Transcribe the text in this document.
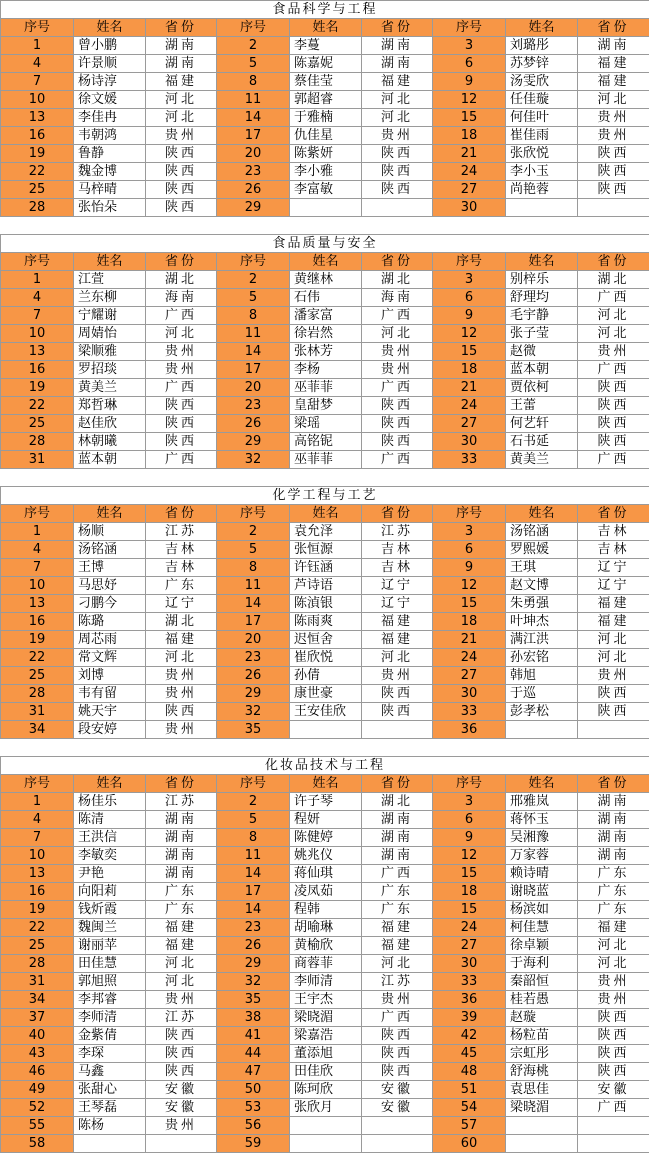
食品科学与工程								
序号	姓名	省份	序号	姓名	省份	序号	姓名	省份
1	曾小鹏	湖南	2	李蔓	湖南	3	刘璐彤	湖南
4	许景顺	湖南	5	陈嘉妮	湖南	6	苏梦锌	福建
7	杨诗淳	福建	8	蔡佳莹	福建	9	汤雯欣	福建
10	徐文媛	河北	11	郭超睿	河北	12	任佳璇	河北
13	李佳冉	河北	14	于雅楠	河北	15	何佳叶	贵州
16	韦朝鸿	贵州	17	仇佳星	贵州	18	崔佳雨	贵州
19	鲁静	陕西	20	陈紫妍	陕西	21	张欣悦	陕西
22	魏金博	陕西	23	李小雅	陕西	24	李小玉	陕西
25	马梓晴	陕西	26	李富敏	陕西	27	尚艳蓉	陕西
28	张怡朵	陕西	29			30		

食品质量与安全								
序号	姓名	省份	序号	姓名	省份	序号	姓名	省份
1	江萱	湖北	2	黄继林	湖北	3	别梓乐	湖北
4	兰东柳	海南	5	石伟	海南	6	舒理均	广西
7	宁耀谢	广西	8	潘家富	广西	9	毛宇静	河北
10	周婧怡	河北	11	徐岩然	河北	12	张子莹	河北
13	梁顺雅	贵州	14	张林芳	贵州	15	赵微	贵州
16	罗招琰	贵州	17	李杨	贵州	18	蓝本朝	广西
19	黄美兰	广西	20	巫菲菲	广西	21	贾依柯	陕西
22	郑哲琳	陕西	23	皇甜梦	陕西	24	王蕾	陕西
25	赵佳欣	陕西	26	梁瑶	陕西	27	何艺轩	陕西
28	林朝曦	陕西	29	高铭铌	陕西	30	石书延	陕西
31	蓝本朝	广西	32	巫菲菲	广西	33	黄美兰	广西

化学工程与工艺								
序号	姓名	省份	序号	姓名	省份	序号	姓名	省份
1	杨顺	江苏	2	袁允泽	江苏	3	汤铭涵	吉林
4	汤铭涵	吉林	5	张恒源	吉林	6	罗熙媛	吉林
7	王博	吉林	8	许钰涵	吉林	9	王琪	辽宁
10	马思妤	广东	11	芦诗语	辽宁	12	赵文博	辽宁
13	刁鹏今	辽宁	14	陈湞银	辽宁	15	朱勇强	福建
16	陈璐	湖北	17	陈雨爽	福建	18	叶坤杰	福建
19	周芯雨	福建	20	迟恒舍	福建	21	满江洪	河北
22	常文辉	河北	23	崔欣悦	河北	24	孙宏铭	河北
25	刘博	贵州	26	孙倩	贵州	27	韩旭	贵州
28	韦有留	贵州	29	康世豪	陕西	30	于巡	陕西
31	姚天宇	陕西	32	王安佳欣	陕西	33	彭孝松	陕西
34	段安婷	贵州	35			36		

化妆品技术与工程								
序号	姓名	省份	序号	姓名	省份	序号	姓名	省份
1	杨佳乐	江苏	2	许子琴	湖北	3	邢雅岚	湖南
4	陈清	湖南	5	程妍	湖南	6	蒋怀玉	湖南
7	王洪信	湖南	8	陈健婷	湖南	9	吴湘豫	湖南
10	李敏奕	湖南	11	姚兆仪	湖南	12	万家蓉	湖南
13	尹艳	湖南	14	蒋仙琪	广西	15	赖诗晴	广东
16	向阳莉	广东	17	凌凤茹	广东	18	谢晓蓝	广东
19	钱炘霞	广东	14	程韩	广东	15	杨滨如	广东
22	魏闽兰	福建	23	胡喻琳	福建	24	柯佳慧	福建
25	谢丽苹	福建	26	黄榆欣	福建	27	徐卓颖	河北
28	田佳慧	河北	29	商蓉菲	河北	30	于海利	河北
31	郭旭照	河北	32	李师清	江苏	33	秦韶恒	贵州
34	李邦睿	贵州	35	王宇杰	贵州	36	桂若愚	贵州
37	李师清	江苏	38	梁晓湄	广西	39	赵璇	陕西
40	金紫倩	陕西	41	梁嘉浩	陕西	42	杨粒苗	陕西
43	李琛	陕西	44	董添旭	陕西	45	宗虹彤	陕西
46	马鑫	陕西	47	田佳欣	陕西	48	舒海桃	陕西
49	张甜心	安徽	50	陈珂欣	安徽	51	袁思佳	安徽
52	王琴磊	安徽	53	张欣月	安徽	54	梁晓湄	广西
55	陈杨	贵州	56			57		
58			59			60		
